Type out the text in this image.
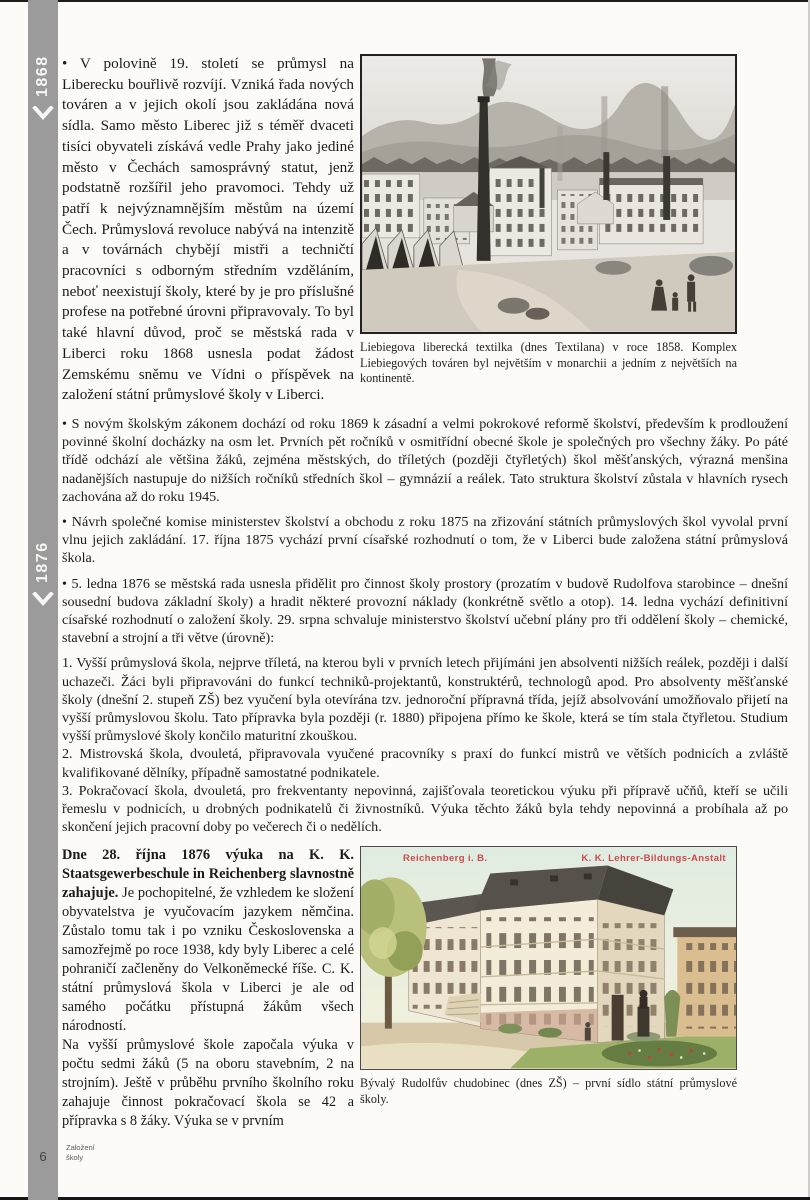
1868
1876
6
Založení
školy

• V polovině 19. století se průmysl na Liberecku bouřlivě rozvíjí. Vzniká řada nových továren a v jejich okolí jsou zakládána nová sídla. Samo město Liberec již s téměř dvaceti tisíci obyvateli získává vedle Prahy jako jediné město v Čechách samosprávný statut, jenž podstatně rozšířil jeho pravomoci. Tehdy už patří k nejvýznamnějším městům na území Čech. Průmyslová revoluce nabývá na intenzitě a v továrnách chybějí mistři a techničtí pracovníci s odborným středním vzděláním, neboť neexistují školy, které by je pro příslušné profese na potřebné úrovni připravovaly. To byl také hlavní důvod, proč se městská rada v Liberci roku 1868 usnesla podat žádost Zemskému sněmu ve Vídni o příspěvek na založení státní průmyslové školy v Liberci.

Liebiegova liberecká textilka (dnes Textilana) v roce 1858. Komplex Liebiegových továren byl největším v monarchii a jedním z největších na kontinentě.

• S novým školským zákonem dochází od roku 1869 k zásadní a velmi pokrokové reformě školství, především k prodloužení povinné školní docházky na osm let. Prvních pět ročníků v osmitřídní obecné škole je společných pro všechny žáky. Po páté třídě odchází ale většina žáků, zejména městských, do tříletých (později čtyřletých) škol měšťanských, výrazná menšina nadanějších nastupuje do nižších ročníků středních škol – gymnázií a reálek. Tato struktura školství zůstala v hlavních rysech zachována až do roku 1945.

• Návrh společné komise ministerstev školství a obchodu z roku 1875 na zřizování státních průmyslových škol vyvolal první vlnu jejich zakládání. 17. října 1875 vychází první císařské rozhodnutí o tom, že v Liberci bude založena státní průmyslová škola.

• 5. ledna 1876 se městská rada usnesla přidělit pro činnost školy prostory (prozatím v budově Rudolfova starobince – dnešní sousední budova základní školy) a hradit některé provozní náklady (konkrétně světlo a otop). 14. ledna vychází definitivní císařské rozhodnutí o založení školy. 29. srpna schvaluje ministerstvo školství učební plány pro tři oddělení školy – chemické, stavební a strojní a tři větve (úrovně):

1. Vyšší průmyslová škola, nejprve tříletá, na kterou byli v prvních letech přijímáni jen absolventi nižších reálek, později i další uchazeči. Žáci byli připravováni do funkcí techniků-projektantů, konstruktérů, technologů apod. Pro absolventy měšťanské školy (dnešní 2. stupeň ZŠ) bez vyučení byla otevírána tzv. jednoroční přípravná třída, jejíž absolvování umožňovalo přijetí na vyšší průmyslovou školu. Tato přípravka byla později (r. 1880) připojena přímo ke škole, která se tím stala čtyřletou. Studium vyšší průmyslové školy končilo maturitní zkouškou.

2. Mistrovská škola, dvouletá, připravovala vyučené pracovníky s praxí do funkcí mistrů ve větších podnicích a zvláště kvalifikované dělníky, případně samostatné podnikatele.

3. Pokračovací škola, dvouletá, pro frekventanty nepovinná, zajišťovala teoretickou výuku při přípravě učňů, kteří se učili řemeslu v podnicích, u drobných podnikatelů či živnostníků. Výuka těchto žáků byla tehdy nepovinná a probíhala až po skončení jejich pracovní doby po večerech či o nedělích.

Dne 28. října 1876 výuka na K. K. Staatsgewerbeschule in Reichenberg slavnostně zahajuje. Je pochopitelné, že vzhledem ke složení obyvatelstva je vyučovacím jazykem němčina. Zůstalo tomu tak i po vzniku Československa a samozřejmě po roce 1938, kdy byly Liberec a celé pohraničí začleněny do Velkoněmecké říše. C. K. státní průmyslová škola v Liberci je ale od samého počátku přístupná žákům všech národností.

Na vyšší průmyslové škole započala výuka v počtu sedmi žáků (5 na oboru stavebním, 2 na strojním). Ještě v průběhu prvního školního roku zahajuje činnost pokračovací škola se 42 a přípravka s 8 žáky. Výuka se v prvním

Reichenberg i. B.	K. K. Lehrer-Bildungs-Anstalt
Bývalý Rudolfův chudobinec (dnes ZŠ) – první sídlo státní průmyslové školy.
